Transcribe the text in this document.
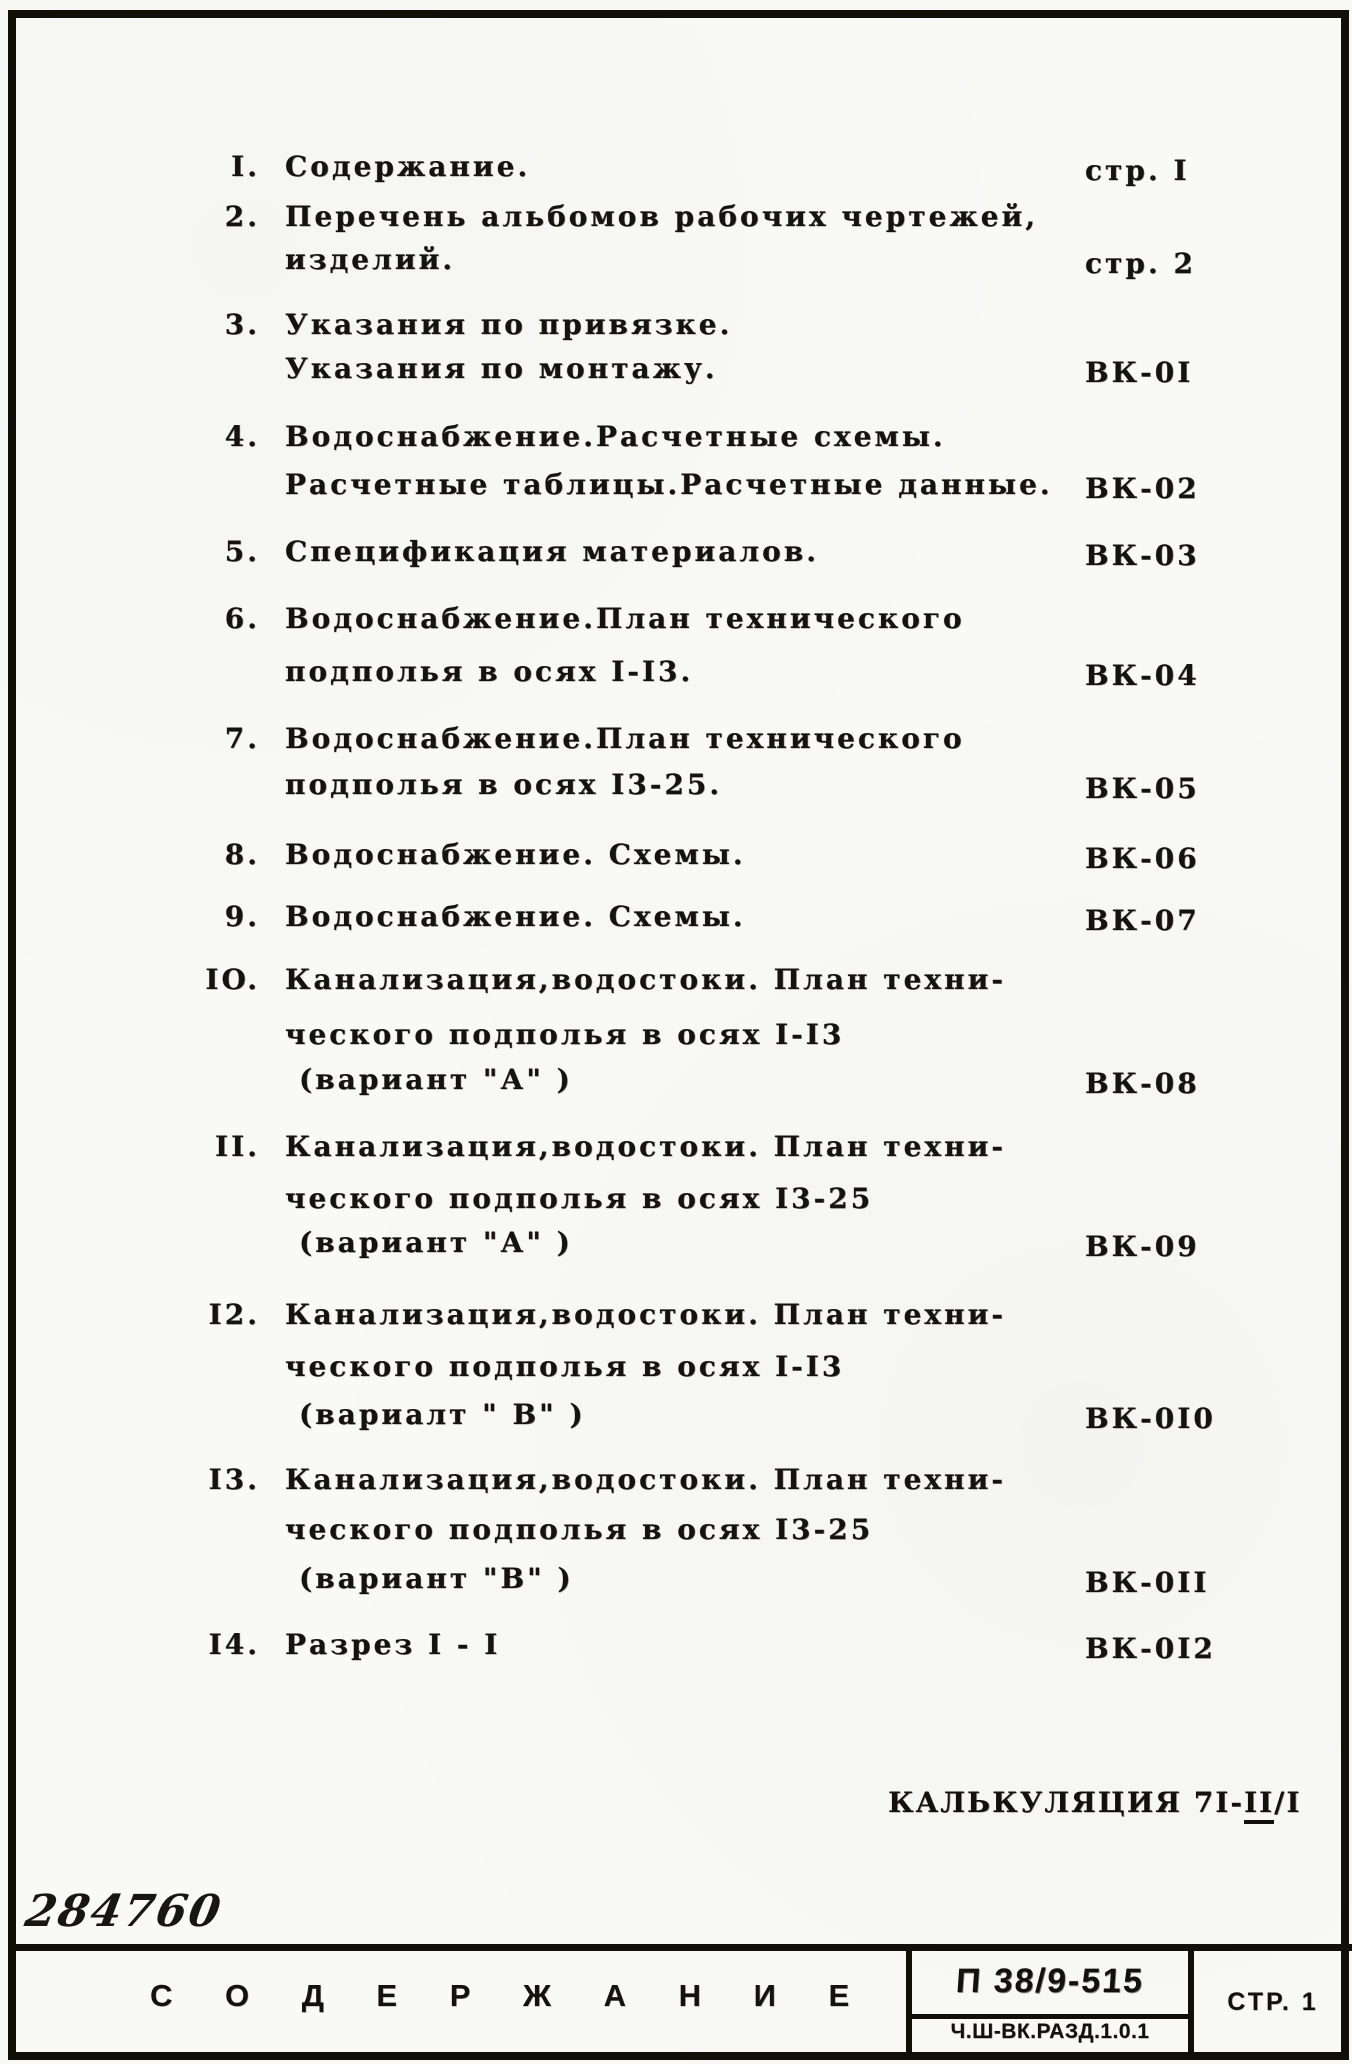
I. Содержание.	стр. I
2. Перечень альбомов рабочих чертежей,
изделий.	стр. 2
3. Указания по привязке.
Указания по монтажу.	ВК-0I
4. Водоснабжение.Расчетные схемы.
Расчетные таблицы.Расчетные данные. ВК-02
5. Спецификация материалов.	ВК-03
6. Водоснабжение.План технического
подполья в осях I-I3.	ВК-04
7. Водоснабжение.План технического
подполья в осях I3-25.	ВК-05
8. Водоснабжение. Схемы.	ВК-06
9. Водоснабжение. Схемы.	ВК-07
IO. Канализация,водостоки. План техни-
ческого подполья в осях I-I3
(вариант "А" )	ВК-08
II. Канализация,водостоки. План техни-
ческого подполья в осях I3-25
(вариант "А" )	ВК-09
I2. Канализация,водостоки. План техни-
ческого подполья в осях I-I3
(вариалт " В" )	ВК-0I0
I3. Канализация,водостоки. План техни-
ческого подполья в осях I3-25
(вариант "В" )	ВК-0II
I4. Разрез I - I	ВК-0I2
КАЛЬКУЛЯЦИЯ 7I-II/I
284760
С О Д Е Р Ж А Н И Е	П 38/9-515
Ч.Ш-ВК.РАЗД.1.0.1
СТР. 1
